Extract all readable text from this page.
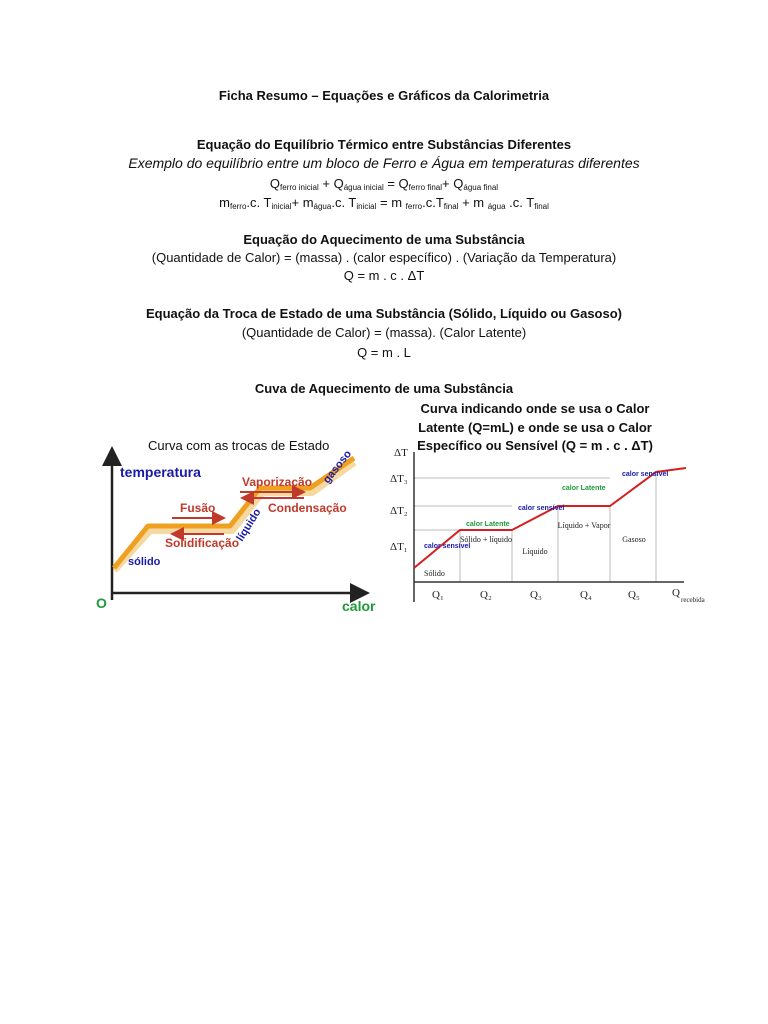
Ficha Resumo – Equações e Gráficos da Calorimetria
Equação do Equilíbrio Térmico entre Substâncias Diferentes
Exemplo do equilíbrio entre um bloco de Ferro e Água em temperaturas diferentes
$Q_{ferro inicial} + Q_{água inicial} = Q_{ferro final}+ Q_{água final}$
$m_{ferro}.c$. $T_{inicial}+ m_{água}.c$. $T_{inicial} = m$ $_{ferro}.c.T_{final} + m$ $_{água}$ .c. $T_{final}$
Equação do Aquecimento de uma Substância
(Quantidade de Calor) = (massa) . (calor específico) . (Variação da Temperatura)
Q = m . c . ΔT
Equação da Troca de Estado de uma Substância (Sólido, Líquido ou Gasoso)
(Quantidade de Calor) = (massa). (Calor Latente)
Q = m . L
Cuva de Aquecimento de uma Substância
Curva com as trocas de Estado
Curva indicando onde se usa o Calor
Latente (Q=mL) e onde se usa o Calor
Específico ou Sensível (Q = m . c . ΔT)
temperatura
O	calor
sólido
Fusão
Solidificação
Vaporização
Condensação
líquido
gasoso	ΔT
ΔT₃
ΔT₂
ΔT₁
Q₁	Q₂	Q₃	Q₄	Q₅	Q
recebida
Sólido
Sólido + líquido
Líquido
Líquido + Vapor
Gasoso
calor sensível
calor sensível
calor sensível
calor Latente
calor Latente
